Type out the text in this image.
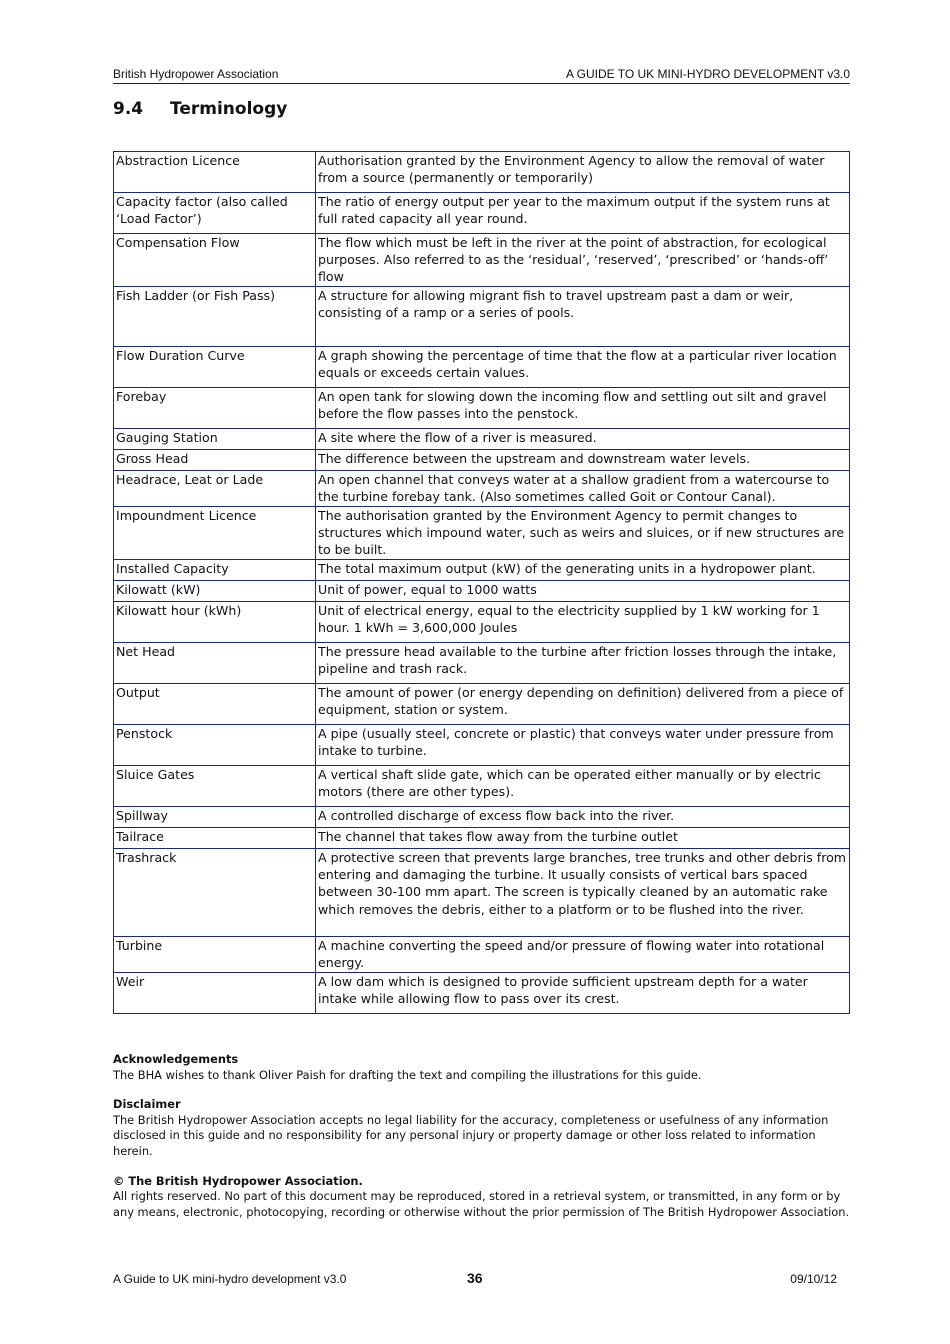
British Hydropower Association	A GUIDE TO UK MINI-HYDRO DEVELOPMENT v3.0
9.4 Terminology
Abstraction Licence	Authorisation granted by the Environment Agency to allow the removal of water from a source (permanently or temporarily)
Capacity factor (also called ‘Load Factor’)	The ratio of energy output per year to the maximum output if the system runs at full rated capacity all year round.
Compensation Flow	The flow which must be left in the river at the point of abstraction, for ecological purposes. Also referred to as the ‘residual’, ‘reserved’, ‘prescribed’ or ‘hands-off’ flow
Fish Ladder (or Fish Pass)	A structure for allowing migrant fish to travel upstream past a dam or weir, consisting of a ramp or a series of pools.
Flow Duration Curve	A graph showing the percentage of time that the flow at a particular river location equals or exceeds certain values.
Forebay	An open tank for slowing down the incoming flow and settling out silt and gravel before the flow passes into the penstock.
Gauging Station	A site where the flow of a river is measured.
Gross Head	The difference between the upstream and downstream water levels.
Headrace, Leat or Lade	An open channel that conveys water at a shallow gradient from a watercourse to the turbine forebay tank. (Also sometimes called Goit or Contour Canal).
Impoundment Licence	The authorisation granted by the Environment Agency to permit changes to structures which impound water, such as weirs and sluices, or if new structures are to be built.
Installed Capacity	The total maximum output (kW) of the generating units in a hydropower plant.
Kilowatt (kW)	Unit of power, equal to 1000 watts
Kilowatt hour (kWh)	Unit of electrical energy, equal to the electricity supplied by 1 kW working for 1 hour. 1 kWh = 3,600,000 Joules
Net Head	The pressure head available to the turbine after friction losses through the intake, pipeline and trash rack.
Output	The amount of power (or energy depending on definition) delivered from a piece of equipment, station or system.
Penstock	A pipe (usually steel, concrete or plastic) that conveys water under pressure from intake to turbine.
Sluice Gates	A vertical shaft slide gate, which can be operated either manually or by electric motors (there are other types).
Spillway	A controlled discharge of excess flow back into the river.
Tailrace	The channel that takes flow away from the turbine outlet
Trashrack	A protective screen that prevents large branches, tree trunks and other debris from entering and damaging the turbine. It usually consists of vertical bars spaced between 30-100 mm apart. The screen is typically cleaned by an automatic rake which removes the debris, either to a platform or to be flushed into the river.
Turbine	A machine converting the speed and/or pressure of flowing water into rotational energy.
Weir	A low dam which is designed to provide sufficient upstream depth for a water intake while allowing flow to pass over its crest.
Acknowledgements
The BHA wishes to thank Oliver Paish for drafting the text and compiling the illustrations for this guide.
Disclaimer
The British Hydropower Association accepts no legal liability for the accuracy, completeness or usefulness of any information disclosed in this guide and no responsibility for any personal injury or property damage or other loss related to information herein.
© The British Hydropower Association.
All rights reserved. No part of this document may be reproduced, stored in a retrieval system, or transmitted, in any form or by any means, electronic, photocopying, recording or otherwise without the prior permission of The British Hydropower Association.
A Guide to UK mini-hydro development v3.0	36	09/10/12
